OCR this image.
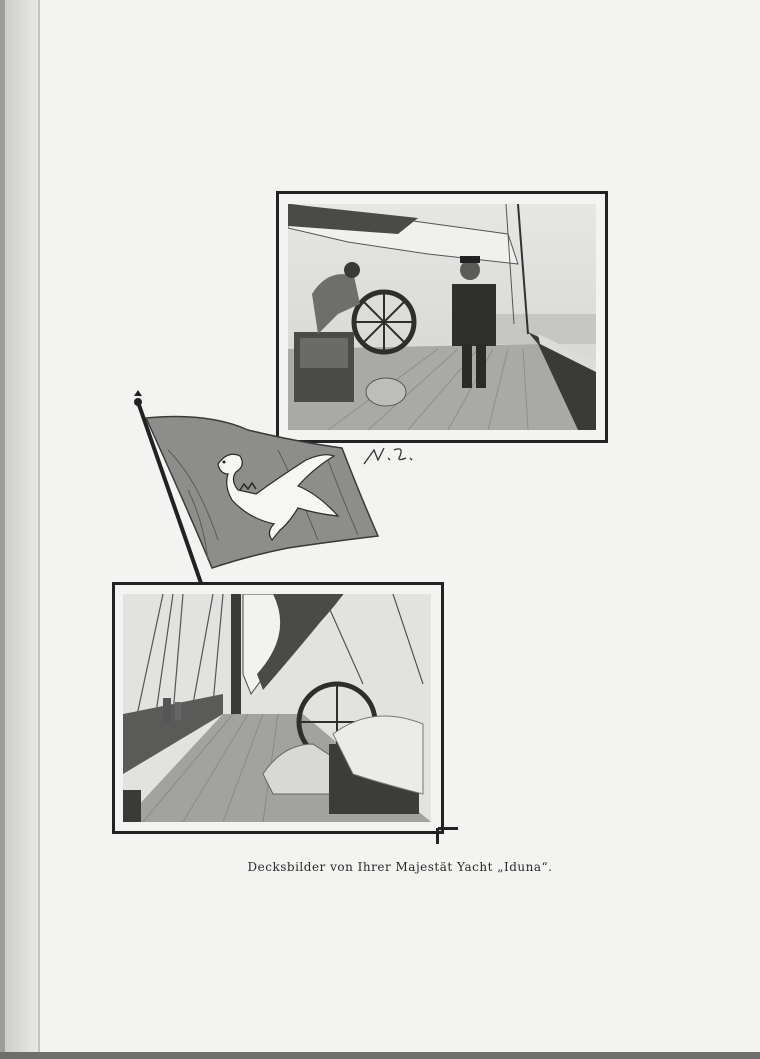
Decksbilder von Ihrer Majestät Yacht „Iduna“.
